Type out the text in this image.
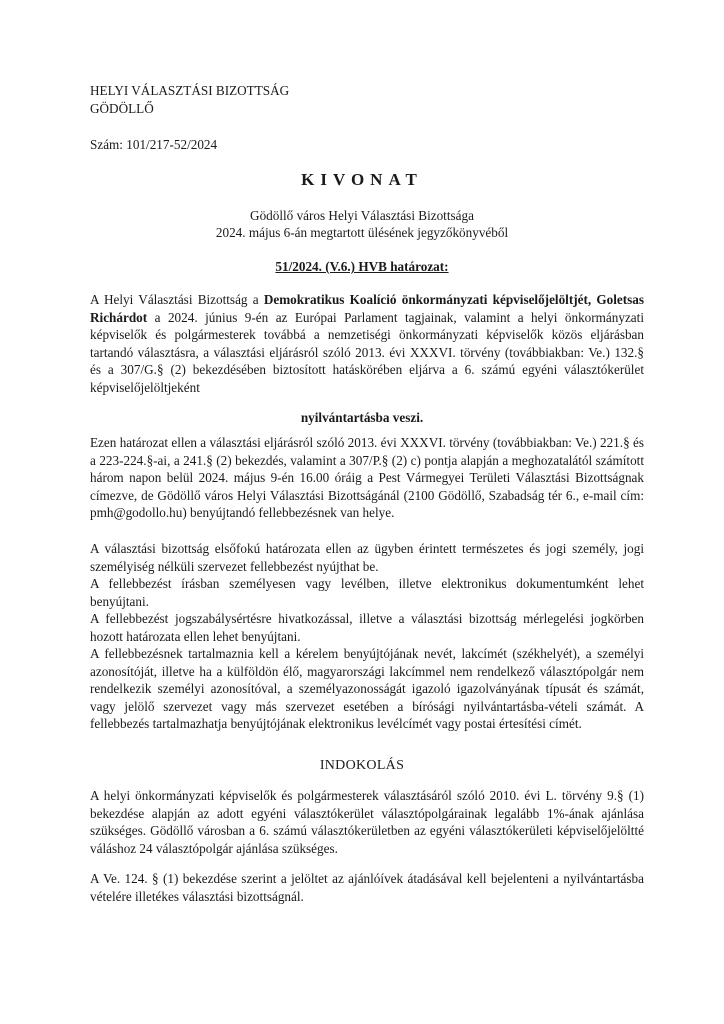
HELYI VÁLASZTÁSI BIZOTTSÁG
GÖDÖLLŐ
Szám: 101/217-52/2024
KIVONAT
Gödöllő város Helyi Választási Bizottsága
2024. május 6-án megtartott ülésének jegyzőkönyvéből
51/2024. (V.6.) HVB határozat:

A Helyi Választási Bizottság a Demokratikus Koalíció önkormányzati képviselőjelöltjét, Goletsas Richárdot a 2024. június 9-én az Európai Parlament tagjainak, valamint a helyi önkormányzati képviselők és polgármesterek továbbá a nemzetiségi önkormányzati képviselők közös eljárásban tartandó választásra, a választási eljárásról szóló 2013. évi XXXVI. törvény (továbbiakban: Ve.) 132.§ és a 307/G.§ (2) bekezdésében biztosított hatáskörében eljárva a 6. számú egyéni választókerület képviselőjelöltjeként

nyilvántartásba veszi.

Ezen határozat ellen a választási eljárásról szóló 2013. évi XXXVI. törvény (továbbiakban: Ve.) 221.§ és a 223-224.§-ai, a 241.§ (2) bekezdés, valamint a 307/P.§ (2) c) pontja alapján a meghozatalától számított három napon belül 2024. május 9-én 16.00 óráig a Pest Vármegyei Területi Választási Bizottságnak címezve, de Gödöllő város Helyi Választási Bizottságánál (2100 Gödöllő, Szabadság tér 6., e-mail cím: pmh@godollo.hu) benyújtandó fellebbezésnek van helye.

A választási bizottság elsőfokú határozata ellen az ügyben érintett természetes és jogi személy, jogi személyiség nélküli szervezet fellebbezést nyújthat be.

A fellebbezést írásban személyesen vagy levélben, illetve elektronikus dokumentumként lehet benyújtani.

A fellebbezést jogszabálysértésre hivatkozással, illetve a választási bizottság mérlegelési jogkörben hozott határozata ellen lehet benyújtani.

A fellebbezésnek tartalmaznia kell a kérelem benyújtójának nevét, lakcímét (székhelyét), a személyi azonosítóját, illetve ha a külföldön élő, magyarországi lakcímmel nem rendelkező választópolgár nem rendelkezik személyi azonosítóval, a személyazonosságát igazoló igazolványának típusát és számát, vagy jelölő szervezet vagy más szervezet esetében a bírósági nyilvántartásba-vételi számát. A fellebbezés tartalmazhatja benyújtójának elektronikus levélcímét vagy postai értesítési címét.

INDOKOLÁS

A helyi önkormányzati képviselők és polgármesterek választásáról szóló 2010. évi L. törvény 9.§ (1) bekezdése alapján az adott egyéni választókerület választópolgárainak legalább 1%-ának ajánlása szükséges. Gödöllő városban a 6. számú választókerületben az egyéni választókerületi képviselőjelöltté váláshoz 24 választópolgár ajánlása szükséges.

A Ve. 124. § (1) bekezdése szerint a jelöltet az ajánlóívek átadásával kell bejelenteni a nyilvántartásba vételére illetékes választási bizottságnál.
